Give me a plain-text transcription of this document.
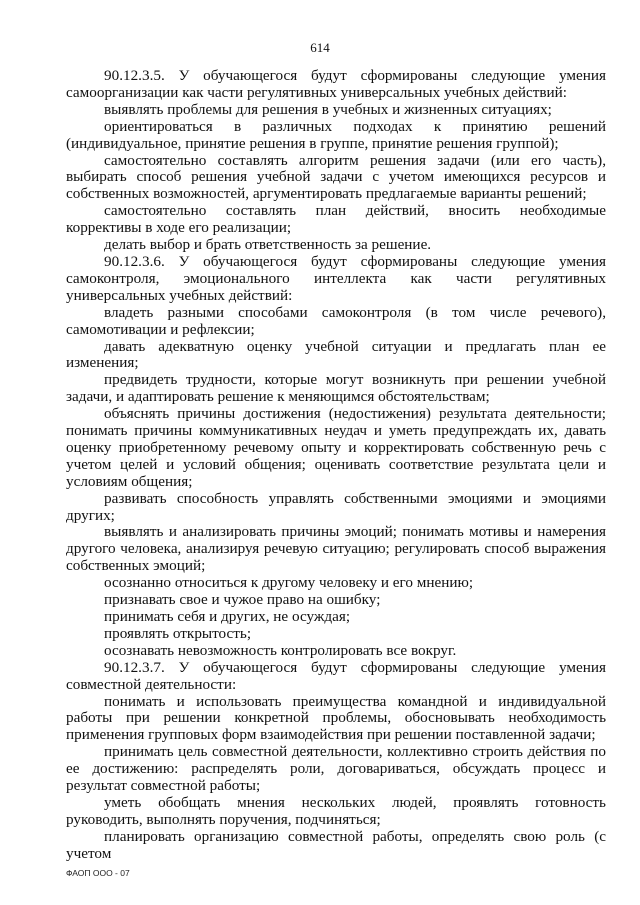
614

90.12.3.5. У обучающегося будут сформированы следующие умения самоорганизации как части регулятивных универсальных учебных действий:

выявлять проблемы для решения в учебных и жизненных ситуациях;

ориентироваться в различных подходах к принятию решений (индивидуальное, принятие решения в группе, принятие решения группой);

самостоятельно составлять алгоритм решения задачи (или его часть), выбирать способ решения учебной задачи с учетом имеющихся ресурсов и собственных возможностей, аргументировать предлагаемые варианты решений;

самостоятельно составлять план действий, вносить необходимые коррективы в ходе его реализации;

делать выбор и брать ответственность за решение.

90.12.3.6. У обучающегося будут сформированы следующие умения самоконтроля, эмоционального интеллекта как части регулятивных универсальных учебных действий:

владеть разными способами самоконтроля (в том числе речевого), самомотивации и рефлексии;

давать адекватную оценку учебной ситуации и предлагать план ее изменения;

предвидеть трудности, которые могут возникнуть при решении учебной задачи, и адаптировать решение к меняющимся обстоятельствам;

объяснять причины достижения (недостижения) результата деятельности; понимать причины коммуникативных неудач и уметь предупреждать их, давать оценку приобретенному речевому опыту и корректировать собственную речь с учетом целей и условий общения; оценивать соответствие результата цели и условиям общения;

развивать способность управлять собственными эмоциями и эмоциями других;

выявлять и анализировать причины эмоций; понимать мотивы и намерения другого человека, анализируя речевую ситуацию; регулировать способ выражения собственных эмоций;

осознанно относиться к другому человеку и его мнению;

признавать свое и чужое право на ошибку;

принимать себя и других, не осуждая;

проявлять открытость;

осознавать невозможность контролировать все вокруг.

90.12.3.7. У обучающегося будут сформированы следующие умения совместной деятельности:

понимать и использовать преимущества командной и индивидуальной работы при решении конкретной проблемы, обосновывать необходимость применения групповых форм взаимодействия при решении поставленной задачи;

принимать цель совместной деятельности, коллективно строить действия по ее достижению: распределять роли, договариваться, обсуждать процесс и результат совместной работы;

уметь обобщать мнения нескольких людей, проявлять готовность руководить, выполнять поручения, подчиняться;

планировать организацию совместной работы, определять свою роль (с учетом

ФАОП ООО - 07
